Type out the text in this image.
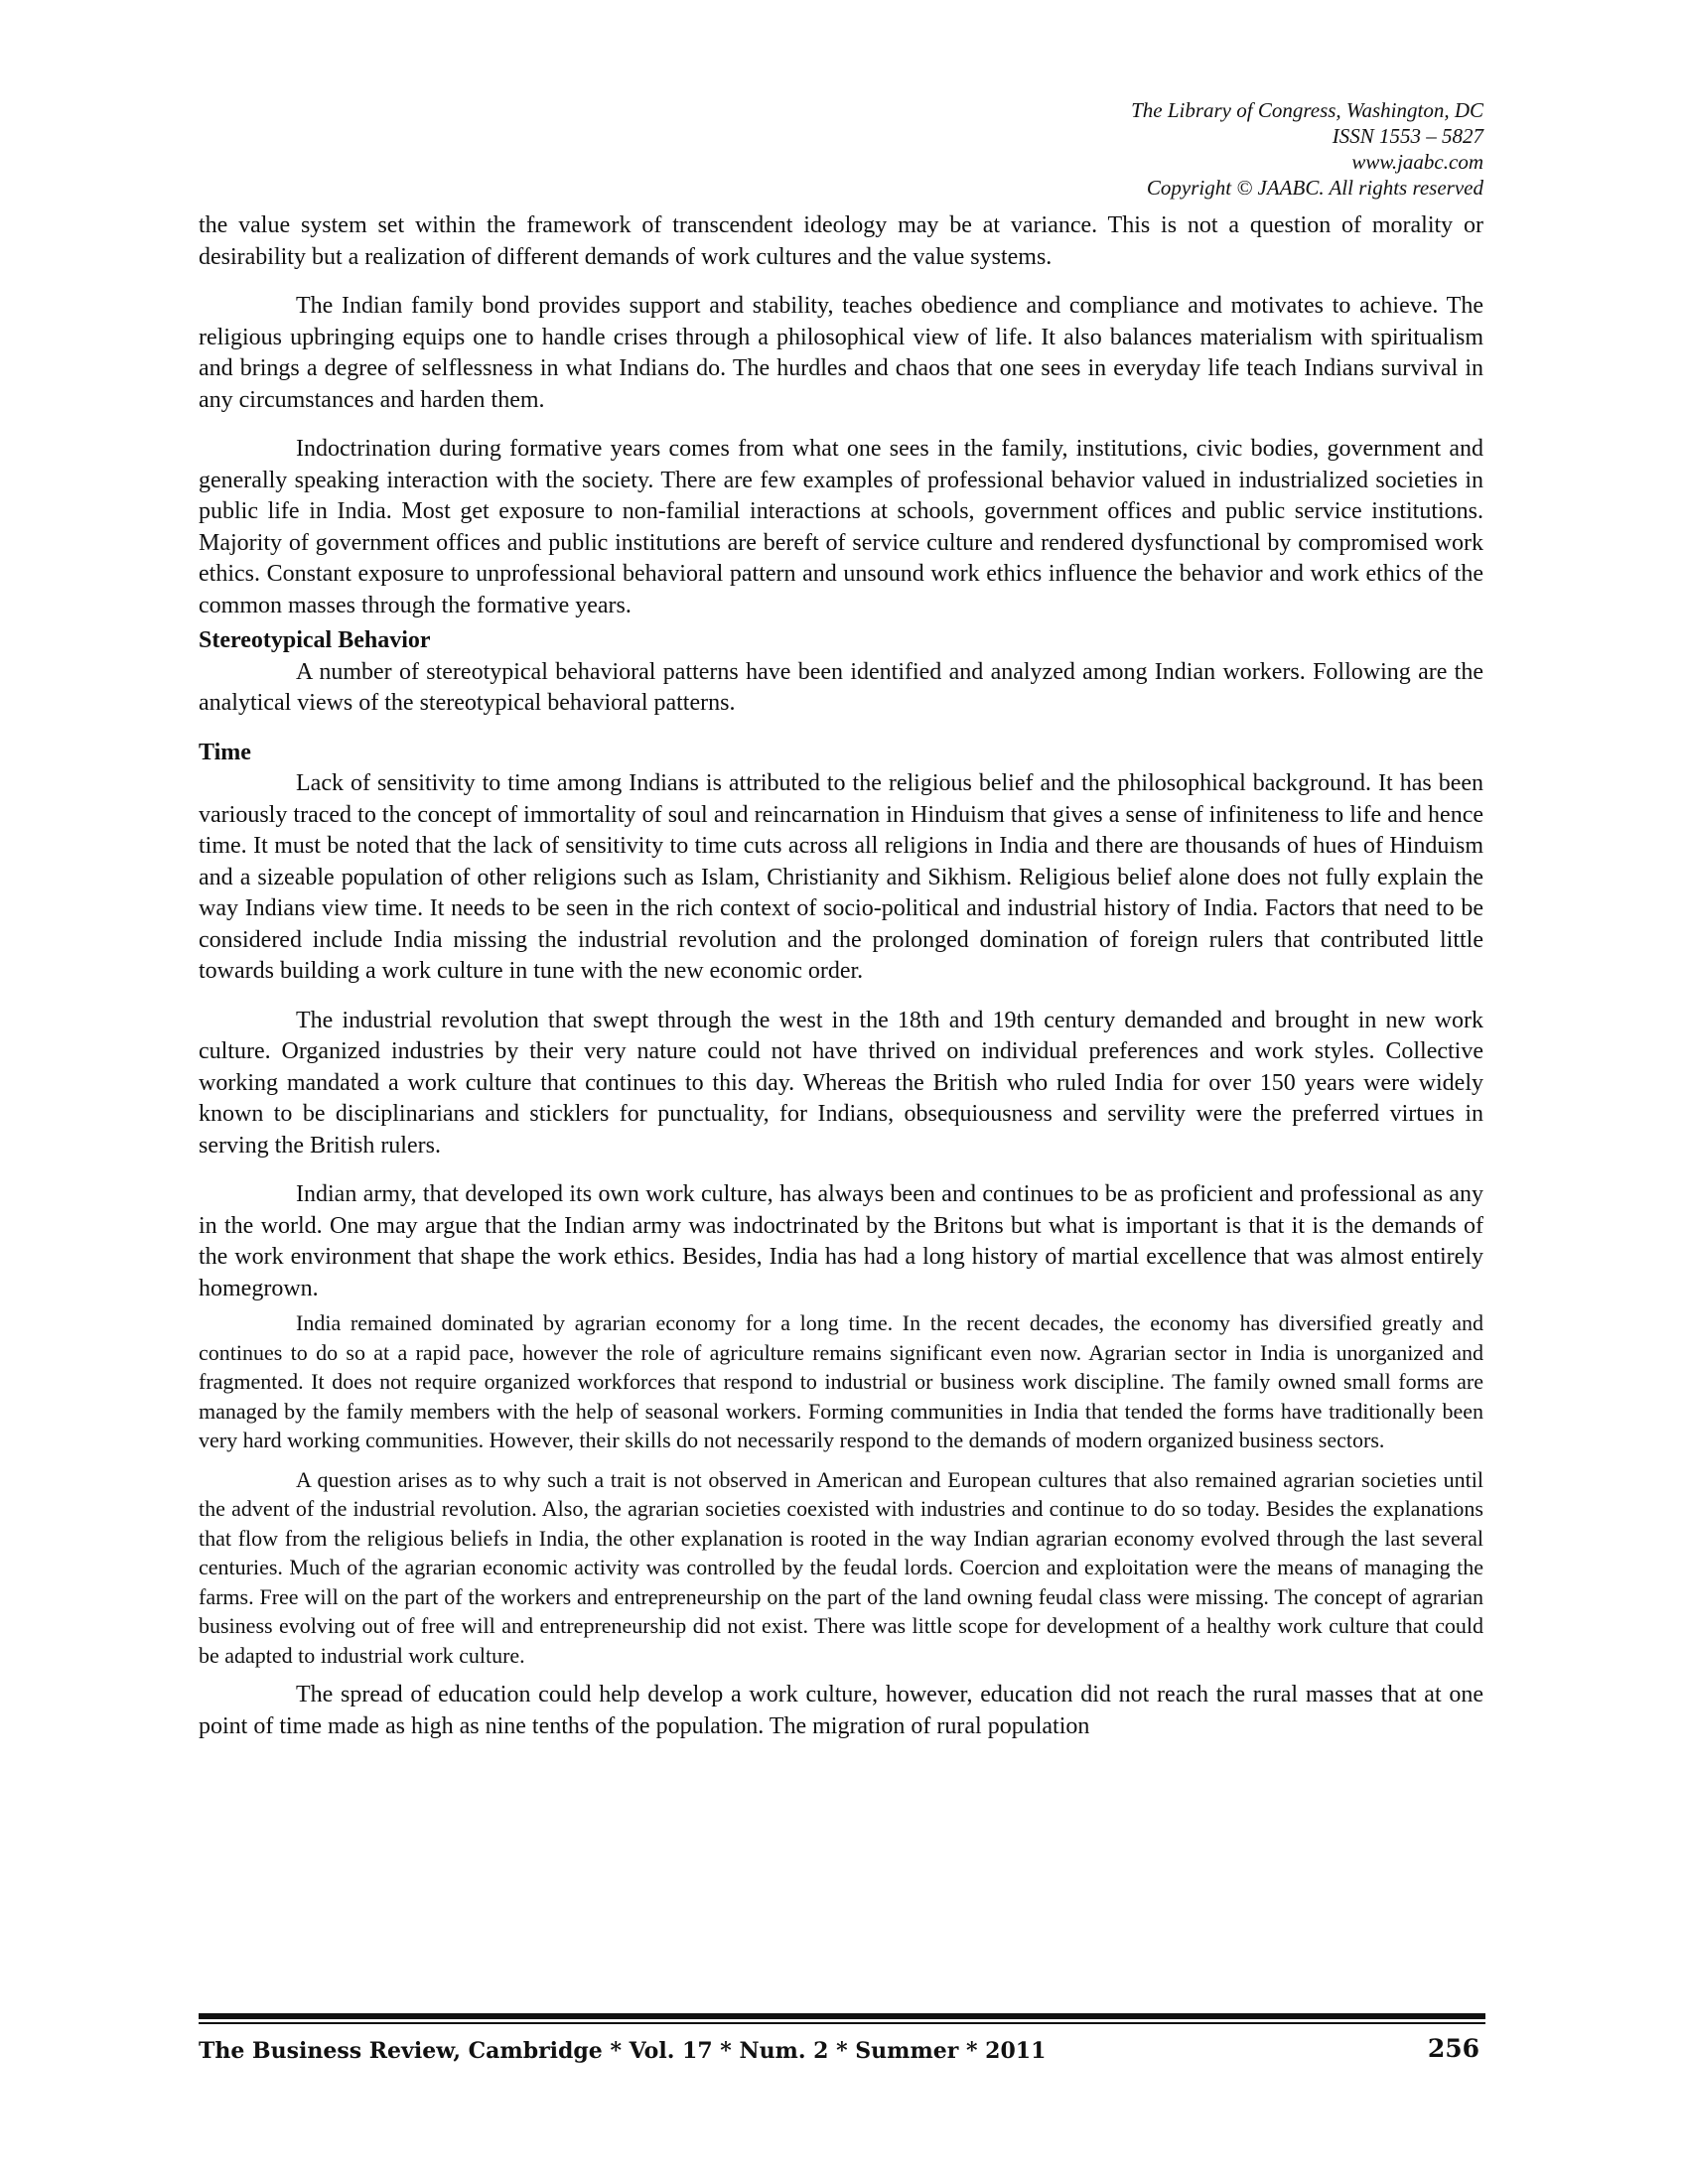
The Library of Congress, Washington, DC
ISSN 1553 – 5827
www.jaabc.com
Copyright © JAABC. All rights reserved

the value system set within the framework of transcendent ideology may be at variance. This is not a question of morality or desirability but a realization of different demands of work cultures and the value systems.

The Indian family bond provides support and stability, teaches obedience and compliance and motivates to achieve. The religious upbringing equips one to handle crises through a philosophical view of life. It also balances materialism with spiritualism and brings a degree of selflessness in what Indians do. The hurdles and chaos that one sees in everyday life teach Indians survival in any circumstances and harden them.

Indoctrination during formative years comes from what one sees in the family, institutions, civic bodies, government and generally speaking interaction with the society. There are few examples of professional behavior valued in industrialized societies in public life in India. Most get exposure to non-familial interactions at schools, government offices and public service institutions. Majority of government offices and public institutions are bereft of service culture and rendered dysfunctional by compromised work ethics. Constant exposure to unprofessional behavioral pattern and unsound work ethics influence the behavior and work ethics of the common masses through the formative years.

Stereotypical Behavior

A number of stereotypical behavioral patterns have been identified and analyzed among Indian workers. Following are the analytical views of the stereotypical behavioral patterns.

Time

Lack of sensitivity to time among Indians is attributed to the religious belief and the philosophical background. It has been variously traced to the concept of immortality of soul and reincarnation in Hinduism that gives a sense of infiniteness to life and hence time. It must be noted that the lack of sensitivity to time cuts across all religions in India and there are thousands of hues of Hinduism and a sizeable population of other religions such as Islam, Christianity and Sikhism. Religious belief alone does not fully explain the way Indians view time. It needs to be seen in the rich context of socio-political and industrial history of India. Factors that need to be considered include India missing the industrial revolution and the prolonged domination of foreign rulers that contributed little towards building a work culture in tune with the new economic order.

The industrial revolution that swept through the west in the 18th and 19th century demanded and brought in new work culture. Organized industries by their very nature could not have thrived on individual preferences and work styles. Collective working mandated a work culture that continues to this day. Whereas the British who ruled India for over 150 years were widely known to be disciplinarians and sticklers for punctuality, for Indians, obsequiousness and servility were the preferred virtues in serving the British rulers.

Indian army, that developed its own work culture, has always been and continues to be as proficient and professional as any in the world. One may argue that the Indian army was indoctrinated by the Britons but what is important is that it is the demands of the work environment that shape the work ethics. Besides, India has had a long history of martial excellence that was almost entirely homegrown.

India remained dominated by agrarian economy for a long time. In the recent decades, the economy has diversified greatly and continues to do so at a rapid pace, however the role of agriculture remains significant even now. Agrarian sector in India is unorganized and fragmented. It does not require organized workforces that respond to industrial or business work discipline. The family owned small forms are managed by the family members with the help of seasonal workers. Forming communities in India that tended the forms have traditionally been very hard working communities. However, their skills do not necessarily respond to the demands of modern organized business sectors.

A question arises as to why such a trait is not observed in American and European cultures that also remained agrarian societies until the advent of the industrial revolution. Also, the agrarian societies coexisted with industries and continue to do so today. Besides the explanations that flow from the religious beliefs in India, the other explanation is rooted in the way Indian agrarian economy evolved through the last several centuries. Much of the agrarian economic activity was controlled by the feudal lords. Coercion and exploitation were the means of managing the farms. Free will on the part of the workers and entrepreneurship on the part of the land owning feudal class were missing. The concept of agrarian business evolving out of free will and entrepreneurship did not exist. There was little scope for development of a healthy work culture that could be adapted to industrial work culture.

The spread of education could help develop a work culture, however, education did not reach the rural masses that at one point of time made as high as nine tenths of the population. The migration of rural population

The Business Review, Cambridge * Vol. 17 * Num. 2 * Summer * 2011	256
